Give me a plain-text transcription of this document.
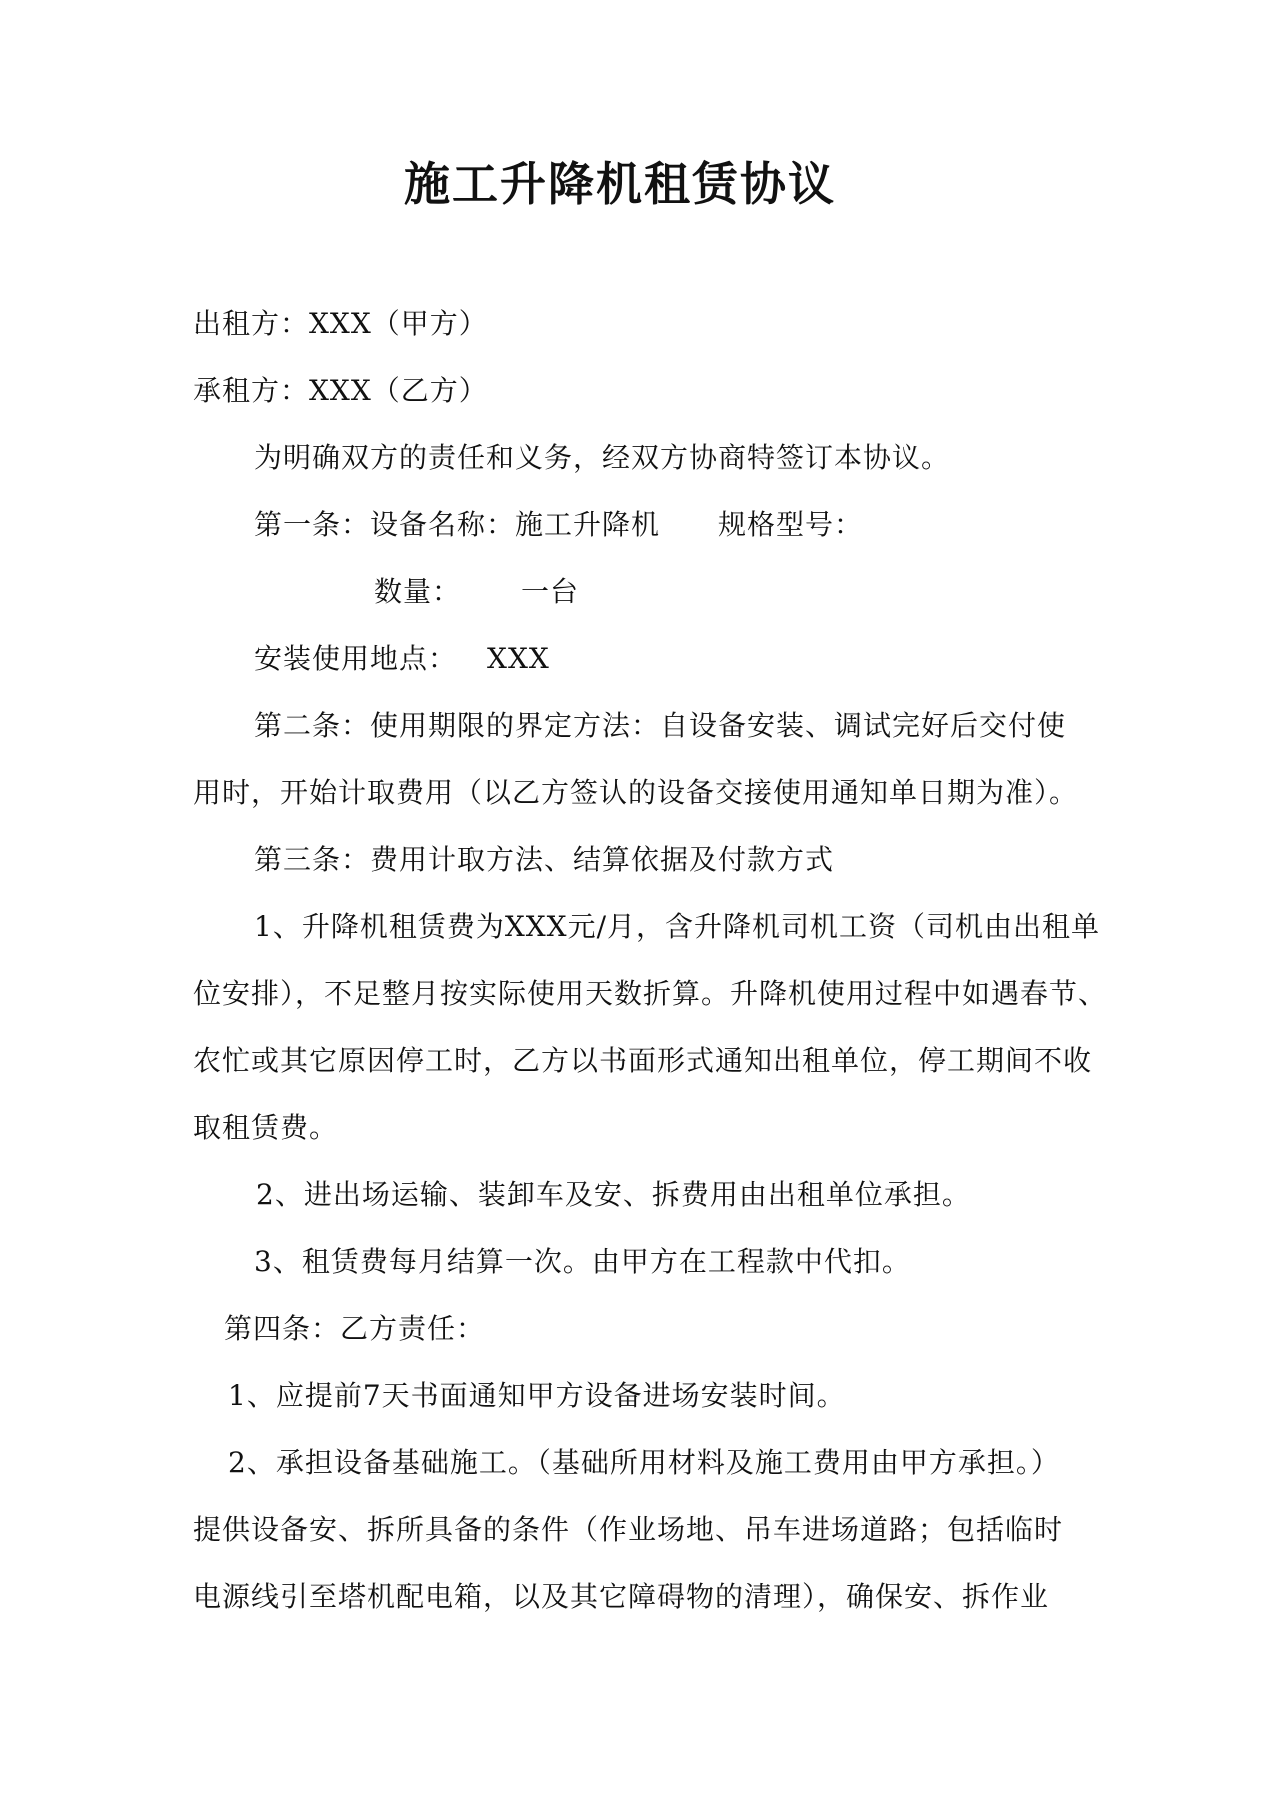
施工升降机租赁协议
出租方：XXX（甲方）
承租方：XXX（乙方）
为明确双方的责任和义务，经双方协商特签订本协议。
第一条：设备名称：施工升降机 规格型号：
数量： 一台
安装使用地点： XXX
第二条：使用期限的界定方法：自设备安装、调试完好后交付使
用时，开始计取费用（以乙方签认的设备交接使用通知单日期为准）。
第三条：费用计取方法、结算依据及付款方式
1、升降机租赁费为XXX元/月，含升降机司机工资（司机由出租单
位安排），不足整月按实际使用天数折算。升降机使用过程中如遇春节、
农忙或其它原因停工时，乙方以书面形式通知出租单位，停工期间不收
取租赁费。
2、进出场运输、装卸车及安、拆费用由出租单位承担。
3、租赁费每月结算一次。由甲方在工程款中代扣。
第四条：乙方责任：
1、应提前7天书面通知甲方设备进场安装时间。
2、承担设备基础施工。（基础所用材料及施工费用由甲方承担。）
提供设备安、拆所具备的条件（作业场地、吊车进场道路；包括临时
电源线引至塔机配电箱，以及其它障碍物的清理），确保安、拆作业
